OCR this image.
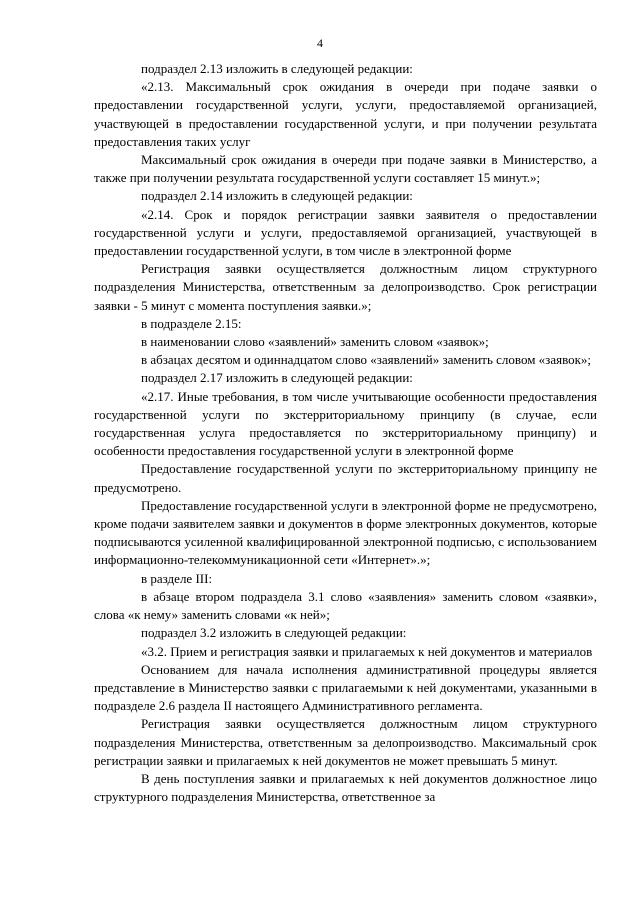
4

подраздел 2.13 изложить в следующей редакции:

«2.13. Максимальный срок ожидания в очереди при подаче заявки о предоставлении государственной услуги, услуги, предоставляемой организацией, участвующей в предоставлении государственной услуги, и при получении результата предоставления таких услуг

Максимальный срок ожидания в очереди при подаче заявки в Министерство, а также при получении результата государственной услуги составляет 15 минут.»;

подраздел 2.14 изложить в следующей редакции:

«2.14. Срок и порядок регистрации заявки заявителя о предоставлении государственной услуги и услуги, предоставляемой организацией, участвующей в предоставлении государственной услуги, в том числе в электронной форме

Регистрация заявки осуществляется должностным лицом структурного подразделения Министерства, ответственным за делопроизводство. Срок регистрации заявки - 5 минут с момента поступления заявки.»;

в подразделе 2.15:

в наименовании слово «заявлений» заменить словом «заявок»;

в абзацах десятом и одиннадцатом слово «заявлений» заменить словом «заявок»;

подраздел 2.17 изложить в следующей редакции:

«2.17. Иные требования, в том числе учитывающие особенности предоставления государственной услуги по экстерриториальному принципу (в случае, если государственная услуга предоставляется по экстерриториальному принципу) и особенности предоставления государственной услуги в электронной форме

Предоставление государственной услуги по экстерриториальному принципу не предусмотрено.

Предоставление государственной услуги в электронной форме не предусмотрено, кроме подачи заявителем заявки и документов в форме электронных документов, которые подписываются усиленной квалифицированной электронной подписью, с использованием информационно-телекоммуникационной сети «Интернет».»;

в разделе III:

в абзаце втором подраздела 3.1 слово «заявления» заменить словом «заявки», слова «к нему» заменить словами «к ней»;

подраздел 3.2 изложить в следующей редакции:

«3.2. Прием и регистрация заявки и прилагаемых к ней документов и материалов

Основанием для начала исполнения административной процедуры является представление в Министерство заявки с прилагаемыми к ней документами, указанными в подразделе 2.6 раздела II настоящего Административного регламента.

Регистрация заявки осуществляется должностным лицом структурного подразделения Министерства, ответственным за делопроизводство. Максимальный срок регистрации заявки и прилагаемых к ней документов не может превышать 5 минут.

В день поступления заявки и прилагаемых к ней документов должностное лицо структурного подразделения Министерства, ответственное за
